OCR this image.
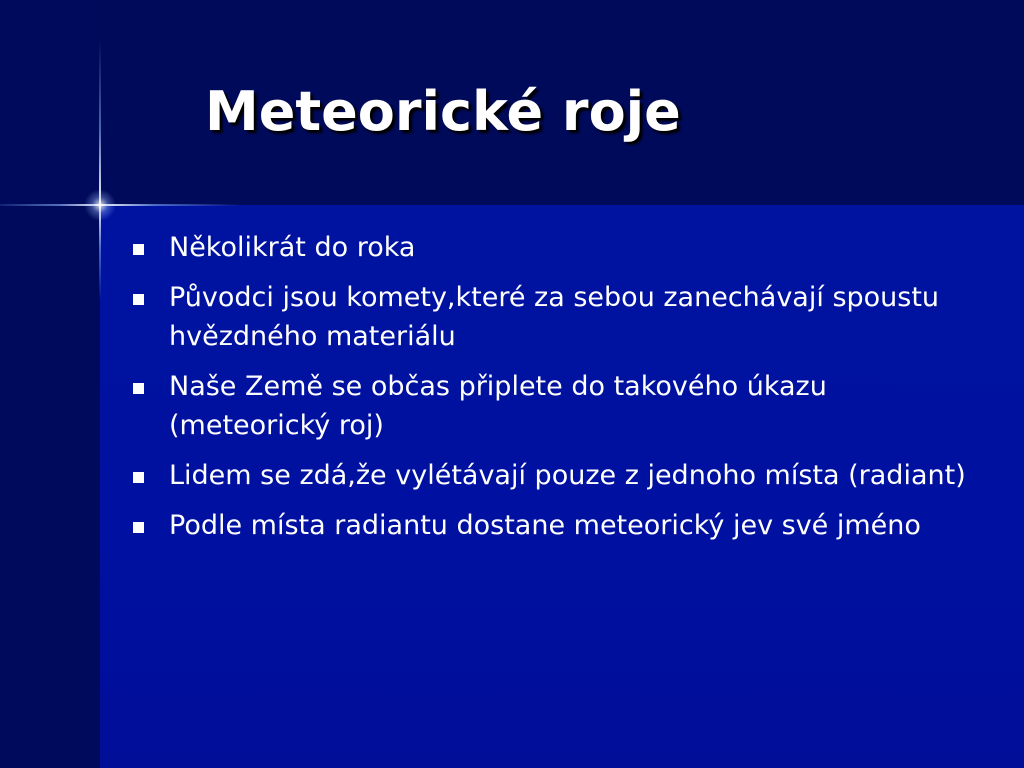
Meteorické roje
Několikrát do roka
Původci jsou komety,které za sebou zanechávají spoustu hvězdného materiálu
Naše Země se občas připlete do takového úkazu (meteorický roj)
Lidem se zdá,že vylétávají pouze z jednoho místa (radiant)
Podle místa radiantu dostane meteorický jev své jméno
